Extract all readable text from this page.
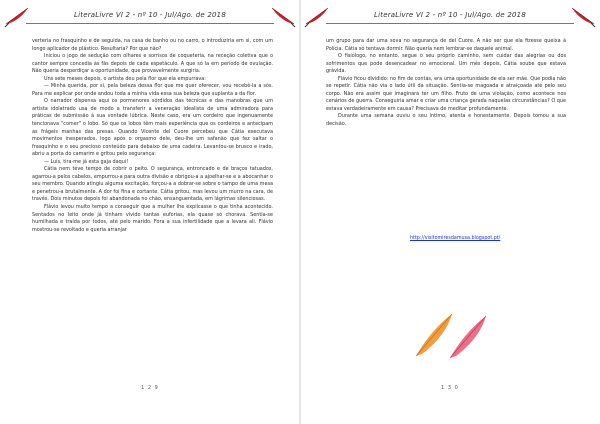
LiteraLivre VI 2 - nº 10 - Jul/Ago. de 2018

verteria no frasquinho e de seguida, na casa de banho ou no carro, o introduziria em si, com um longo aplicador de plástico. Resultaria? Por que não?

Iniciou o jogo de sedução com olhares e sorrisos de coqueteria, na receção coletiva que o cantor sempre concedia às fãs depois de cada espetáculo. A que só la em período de ovulação. Não queria desperdiçar a oportunidade, que provavelmente surgiria.

Uns sete meses depois, o artista deu pela flor que ela empurrava:

— Minha querida, por si, pela beleza dessa flor que me quer oferecer, vou recebê-la a sós. Para me explicar por onde andou toda a minha vida essa sua beleza que suplanta a da flor.

O narrador dispensa aqui os pormenores sórdidos das técnicas e das manobras que um artista idolatrado usa de modo a transferir a veneração idealista de uma admiradora para práticas de submissão à sua vontade lúbrica. Neste caso, era um cordeiro que ingenuamente tencionava "comer" o lobo. Só que os lobos têm mais experiência que os cordeiros e antecipam as frágeis manhas das presas. Quando Vicente del Cuore percebeu que Cátia executava movimentos inesperados, logo após o orgasmo dele, deu-lhe um safanão que fez saltar o frasquinho e o seu precioso conteúdo para debaixo de uma cadeira. Levantou-se brusco e irado, abriu a porta do camarim e gritou pelo segurança:

— Luís, tira-me já esta gaja daqui!

Cátia nem teve tempo de cobrir o peito. O segurança, entroncado e de braços tatuados, agarrou-a pelos cabelos, empurrou-a para outra divisão e obrigou-a a ajoelhar-se e a abocanhar o seu membro. Quando atingiu alguma excitação, forçou-a a dobrar-se sobre o tampo de uma mesa e penetrou-a brutalmente. A dor foi fina e cortante. Cátia gritou, mas levou um murro na cara, de través. Dois minutos depois foi abandonada no chão, ensanguentada, em lágrimas silenciosas.

Flávio levou muito tempo a conseguir que a mulher lhe explicasse o que tinha acontecido. Sentados no leito onde já tinham vivido tantas euforias, ela quase só chorava. Sentia-se humilhada e traída por todos, até pelo marido. Fora a sua infertilidade que a levara ali. Flávio mostrou-se revoltado e queria arranjar

1 2 9
LiteraLivre VI 2 - nº 10 - Jul/Ago. de 2018

um grupo para dar uma sova no segurança de del Cuore. A não ser que ela fizesse queixa à Polícia. Cátia só tentava dormir. Não queria nem lembrar-se daquele animal.

O fisiólogo, no entanto, segue o seu próprio caminho, sem cuidar das alegrias ou dos sofrimentos que pode desencadear no emocional. Um mês depois, Cátia soube que estava grávida.

Flávio ficou dividido: no fim de contas, era uma oportunidade de ela ser mãe. Que podia não se repetir. Cátia não via o lado útil da situação. Sentia-se magoada e atraiçoada até pelo seu corpo. Não era assim que imaginara ter um filho. Fruto de uma violação, como acontece nos cenários de guerra. Conseguiria amar e criar uma criança gerada naquelas circunstâncias? O que estava verdadeiramente em causa? Precisava de meditar profundamente.

Durante uma semana ouviu o seu íntimo, atenta e honestamente. Depois tomou a sua decisão.

http://visitomiresdamusa.blogspot.pt/
1 3 0
